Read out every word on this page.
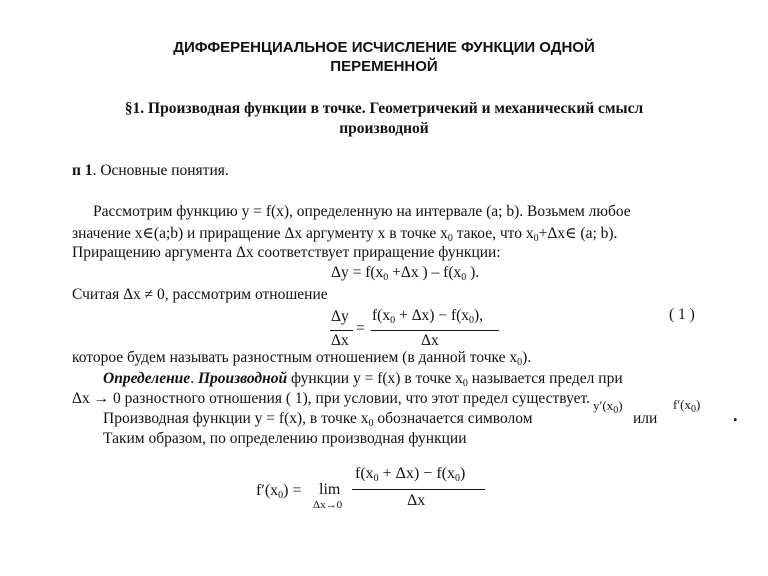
ДИФФЕРЕНЦИАЛЬНОЕ ИСЧИСЛЕНИЕ ФУНКЦИИ ОДНОЙ
ПЕРЕМЕННОЙ
§1. Производная функции в точке. Геометричекий и механический смысл
производной
п 1. Основные понятия.
Рассмотрим функцию y = f(x), определенную на интервале (a; b). Возьмем любое
значение x∈(a;b) и приращение Δx аргументу x в точке $x_0$ такое, что $x_0+\Delta x\in$ (a; b).
Приращению аргумента Δx соответствует приращение функции:
$\Delta y = f(x_0 +\Delta x$ ) – $f(x_0$ ).
Считая Δx ≠ 0, рассмотрим отношение
Δy
Δx
=
$f(x_0 + \Delta x) - f(x_0)$,
Δx
( 1 )
которое будем называть разностным отношением (в данной точке $x_0$).
Определение. Производной функции y = f(x) в точке $x_0$ называется предел при
Δx → 0 разностного отношения ( 1), при условии, что этот предел существует.
Производная функции y = f(x), в точке $x_0$ обозначается символом
$y'(x_0)$
или
$f'(x_0)$
.
Таким образом, по определению производная функции
$f'(x_0) = \lim$
Δx→0
$f(x_0 + \Delta x) - f(x_0)$
Δx
